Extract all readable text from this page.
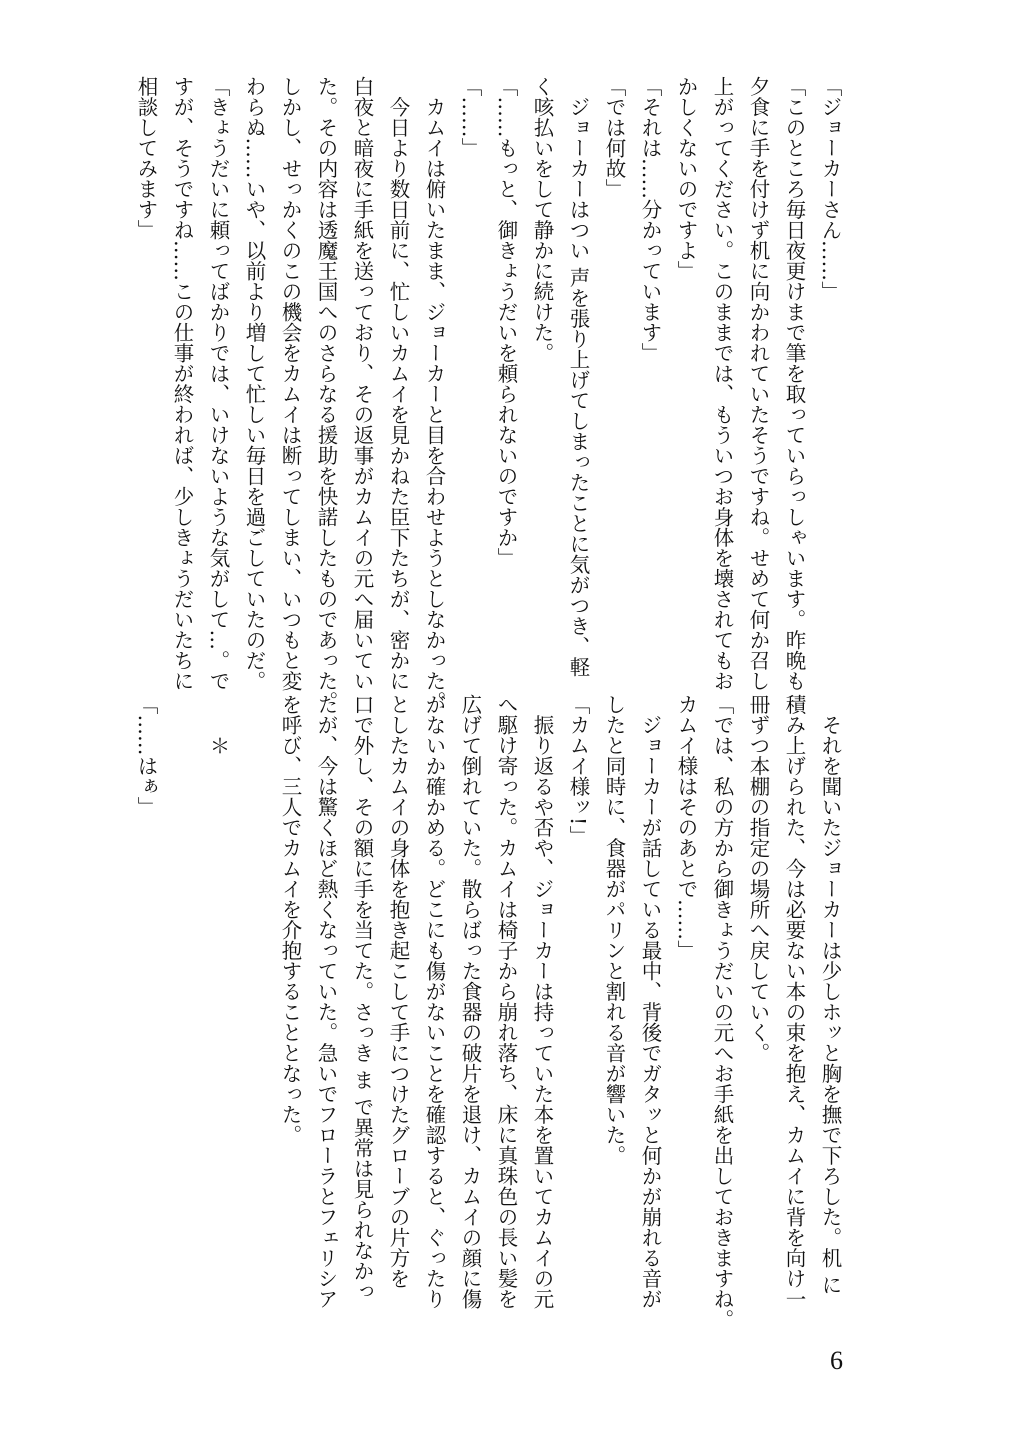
「ジョーカーさん……」
「このところ毎日夜更けまで筆を取っていらっしゃいます。昨晩も
夕食に手を付けず机に向かわれていたそうですね。せめて何か召し
上がってください。このままでは、もういつお身体を壊されてもお
かしくないのですよ」
「それは……分かっています」
「では何故」
　ジョーカーはつい 声を張り上げてしまったことに気がつき、軽
く咳払いをして静かに続けた。
「……もっと、御きょうだいを頼られないのですか」
「……」
　カムイは俯いたまま、ジョーカーと目を合わせようとしなかった。
　今日より数日前に、忙しいカムイを見かねた臣下たちが、密かに
白夜と暗夜に手紙を送っており、その返事がカムイの元へ届いてい
た。その内容は透魔王国へのさらなる援助を快諾したものであった。
しかし、せっかくのこの機会をカムイは断ってしまい、いつもと変
わらぬ……いや、以前より増して忙しい毎日を過ごしていたのだ。
「きょうだいに頼ってばかりでは、いけないような気がして…。で
すが、そうですね……この仕事が終われば、少しきょうだいたちに
相談してみます」
　それを聞いたジョーカーは少しホッと胸を撫で下ろした。机 に
積み上げられた、今は必要ない本の束を抱え、カムイに背を向け一
冊ずつ本棚の指定の場所へ戻していく。
「では、私の方から御きょうだいの元へお手紙を出しておきますね。
カムイ様はそのあとで……」
　ジョーカーが話している最中、背後でガタッと何かが崩れる音が
したと同時に、食器がパリンと割れる音が響いた。
「カムイ様ッ!」
　振り返るや否や、ジョーカーは持っていた本を置いてカムイの元
へ駆け寄った。カムイは椅子から崩れ落ち、床に真珠色の長い髪を
広げて倒れていた。散らばった食器の破片を退け、カムイの顔に傷
がないか確かめる。どこにも傷がないことを確認すると、ぐったり
としたカムイの身体を抱き起こして手につけたグローブの片方を
口で外し、その額に手を当てた。さっき ま で異常は見られなかっ
たが、今は驚くほど熱くなっていた。急いでフローラとフェリシア
を呼び、三人でカムイを介抱することとなった。

　　＊

「……はぁ」
6
